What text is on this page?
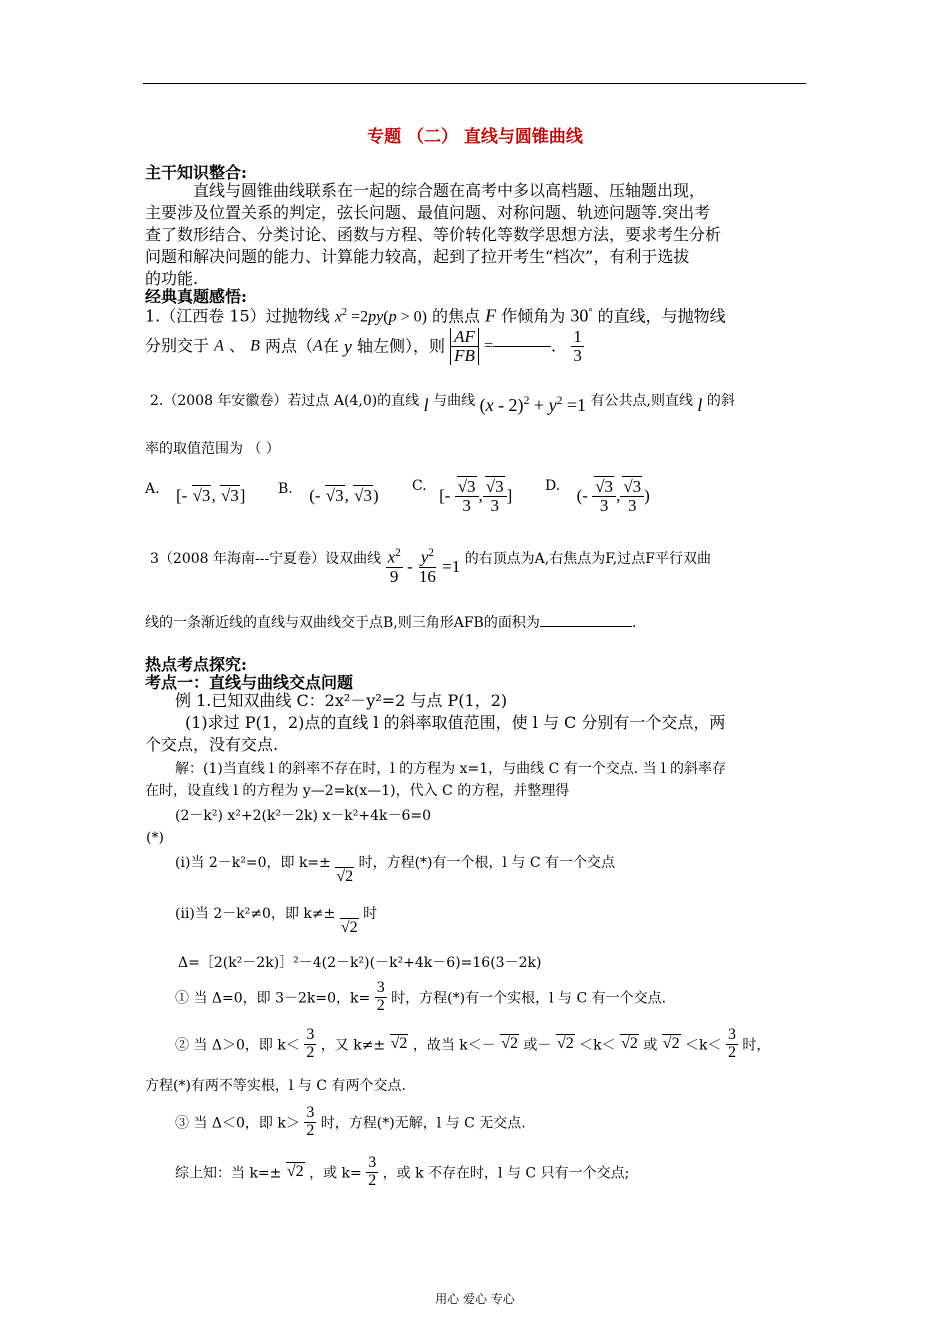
专题 （二） 直线与圆锥曲线
主干知识整合:
直线与圆锥曲线联系在一起的综合题在高考中多以高档题、压轴题出现，
主要涉及位置关系的判定，弦长问题、最值问题、对称问题、轨迹问题等.突出考
查了数形结合、分类讨论、函数与方程、等价转化等数学思想方法，要求考生分析
问题和解决问题的能力、计算能力较高，起到了拉开考生“档次”，有利于选拔
的功能.
经典真题感悟:
1.（江西卷 15）过抛物线 $x^2 =2py(p > 0)$ 的焦点 F 作倾角为 30° 的直线，与抛物线
分别交于 A 、 B 两点（A在 y 轴左侧），则 $\frac{AF}{FB}$ =	. $\frac{1}{3}$
2.（2008 年安徽卷）若过点 A(4,0)的直线 l 与曲线 $(x - 2)^2 + y^2 =1$ 有公共点,则直线 l 的斜
率的取值范围为 （ ）
A. [- √3, √3] B. (- √3, √3) C. [- $\frac{√3}{3}$ , $\frac{√3}{3}$ ]
D. (- $\frac{√3}{3}$ , $\frac{√3}{3}$ )
3（2008 年海南---宁夏卷）设双曲线 $\frac{x^2}{9} - \frac{y^2}{16} =1$ 的右顶点为A,右焦点为F,过点F平行双曲
线的一条渐近线的直线与双曲线交于点B,则三角形AFB的面积为	.
热点考点探究:
考点一：直线与曲线交点问题
例 1.已知双曲线 C：2x²－y²=2 与点 P(1，2)
(1)求过 P(1，2)点的直线 l 的斜率取值范围，使 l 与 C 分别有一个交点，两
个交点，没有交点.
解：(1)当直线 l 的斜率不存在时，l 的方程为 x=1，与曲线 C 有一个交点. 当 l 的斜率存
在时，设直线 l 的方程为 y—2=k(x—1)，代入 C 的方程，并整理得
(2－k²) x²+2(k²－2k) x－k²+4k－6=0
(*)
(ⅰ)当 2－k²=0，即 k=± √2 时，方程(*)有一个根，l 与 C 有一个交点
(ⅱ)当 2－k²≠0，即 k≠± √2 时
Δ=［2(k²－2k)］²－4(2－k²)(－k²+4k－6)=16(3－2k)
① 当 Δ=0，即 3－2k=0，$k= \frac{3}{2}$ 时，方程(*)有一个实根，l 与 C 有一个交点.
② 当 Δ＞0，即 $k< \frac{3}{2}$ ，又 k≠± √2 ，故当 k＜－ √2 或－ √2 ＜k＜ √2 或 $√2 <k< \frac{3}{2}$ 时，
方程(*)有两不等实根，l 与 C 有两个交点.
③ 当 Δ＜0，即 $k> \frac{3}{2}$ 时，方程(*)无解，l 与 C 无交点.
综上知：当 k=± √2 ，或 $k= \frac{3}{2}$ ，或 k 不存在时，l 与 C 只有一个交点;
用心 爱心 专心
